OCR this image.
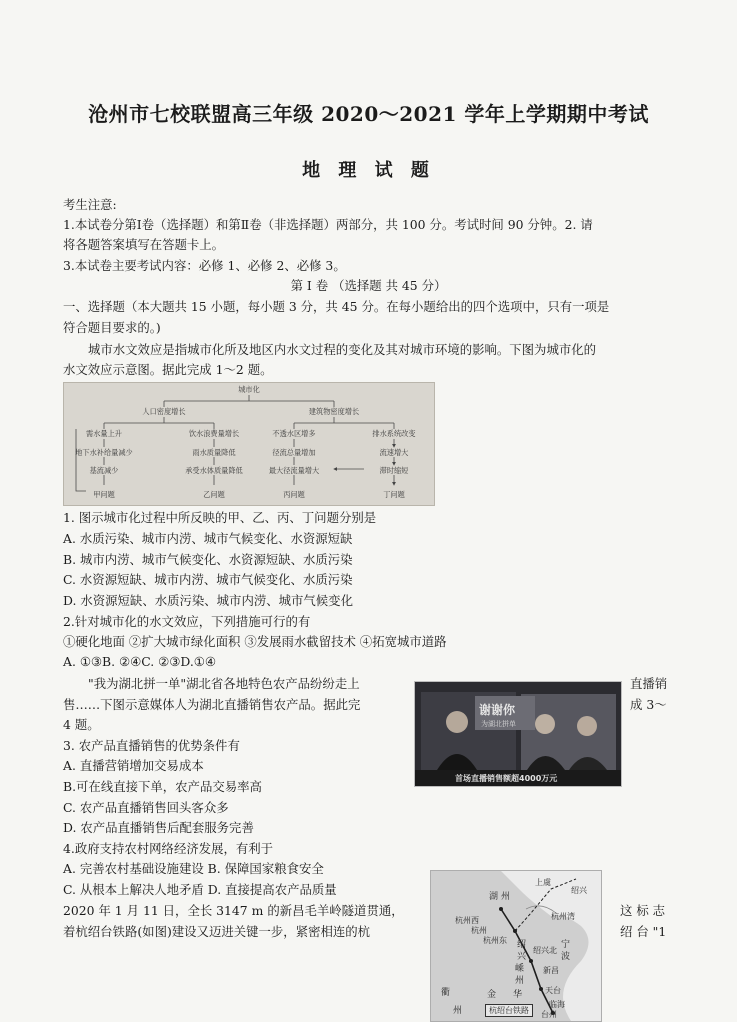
沧州市七校联盟高三年级 2020～2021 学年上学期期中考试
地 理 试 题
考生注意:
1.本试卷分第Ⅰ卷（选择题）和第Ⅱ卷（非选择题）两部分，共 100 分。考试时间 90 分钟。2. 请
将各题答案填写在答题卡上。
3.本试卷主要考试内容：必修 1、必修 2、必修 3。
第 I 卷 （选择题 共 45 分）
一、选择题（本大题共 15 小题，每小题 3 分，共 45 分。在每小题给出的四个选项中，只有一项是
符合题目要求的。)
城市水文效应是指城市化所及地区内水文过程的变化及其对城市环境的影响。下图为城市化的
水文效应示意图。据此完成 1～2 题。
城市化
人口密度增长	建筑物密度增长
需水量上升	饮水浪费量增长	不透水区增多	排水系统改变
地下水补给量减少	雨水质量降低	径流总量增加	流速增大
基流减少	承受水体质量降低	最大径流量增大	滞时缩短
甲问题	乙问题	丙问题	丁问题
1. 图示城市化过程中所反映的甲、乙、丙、丁问题分别是
A. 水质污染、城市内涝、城市气候变化、水资源短缺
B. 城市内涝、城市气候变化、水资源短缺、水质污染
C. 水资源短缺、城市内涝、城市气候变化、水质污染
D. 水资源短缺、水质污染、城市内涝、城市气候变化
2.针对城市化的水文效应，下列措施可行的有
①硬化地面 ②扩大城市绿化面积 ③发展雨水截留技术 ④拓宽城市道路
A. ①③B. ②④C. ②③D.①④
"我为湖北拼一单"湖北省各地特色农产品纷纷走上	直播销
售……下图示意媒体人为湖北直播销售农产品。据此完	成 3～
4 题。
谢谢你
为湖北拼单
首场直播销售额超4000万元
3. 农产品直播销售的优势条件有
A. 直播营销增加交易成本
B.可在线直接下单，农产品交易率高
C. 农产品直播销售回头客众多
D. 农产品直播销售后配套服务完善
4.政府支持农村网络经济发展，有利于
A. 完善农村基础设施建设 B. 保障国家粮食安全
C. 从根本上解决人地矛盾 D. 直接提高农产品质量
2020 年 1 月 11 日，全长 3147 m 的新昌毛羊岭隧道贯通，	这 标 志
着杭绍台铁路(如图)建设又迈进关键一步，紧密相连的杭	绍 台 "1
湖 州
上虞
绍兴
杭州湾
杭州西
杭州
杭州东 绍
兴
绍兴北
宁
波
嵊
州
新昌
金 华	天台
临海
台州
衢
州	杭绍台铁路
